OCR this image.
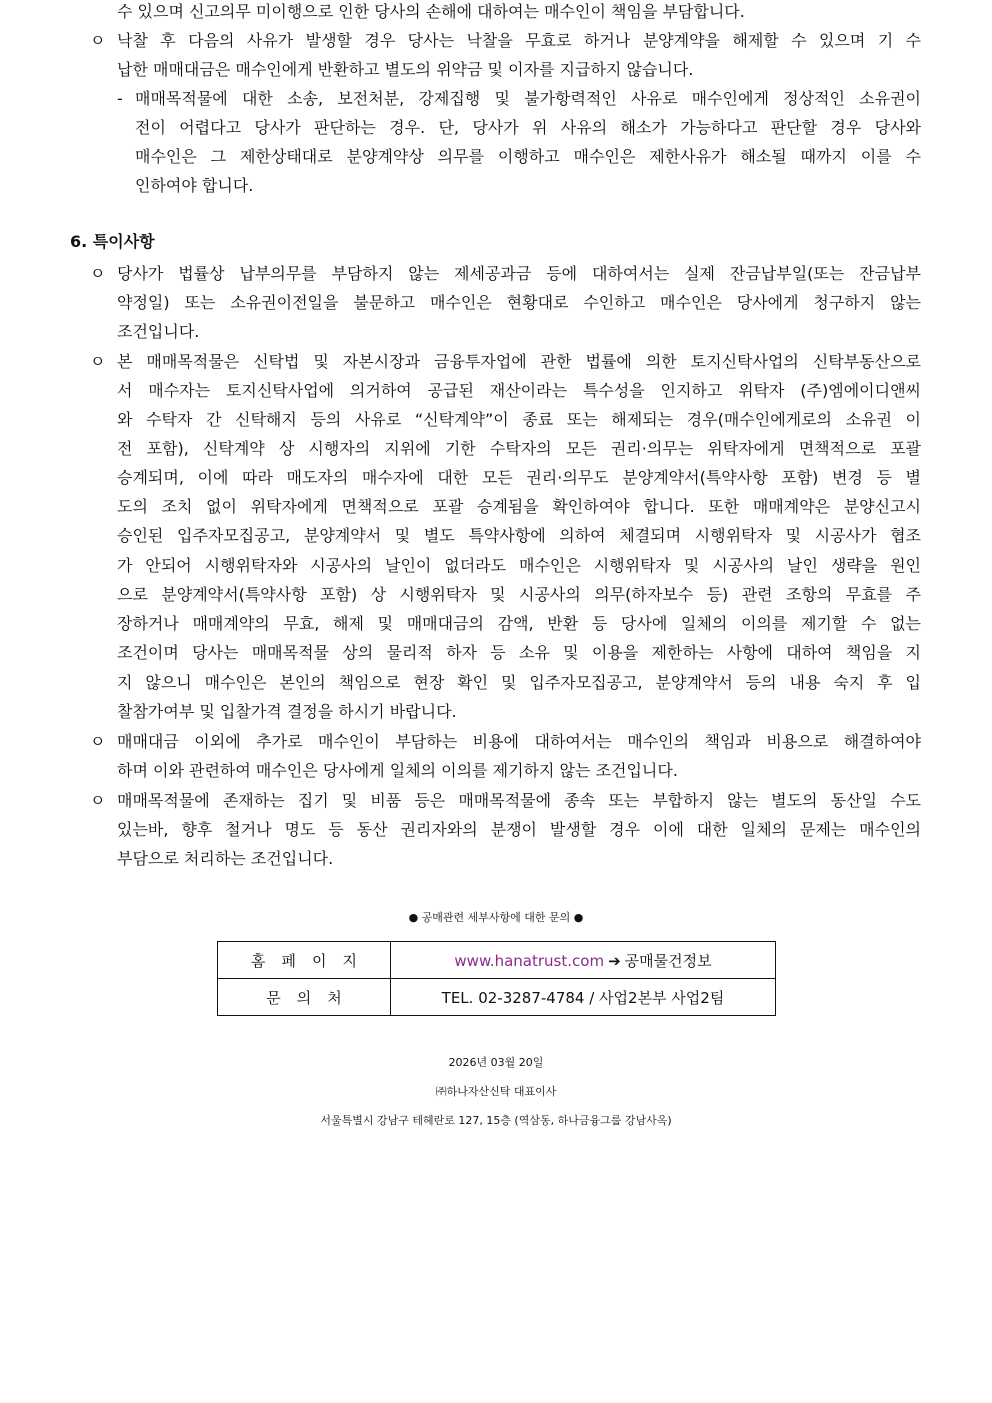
수 있으며 신고의무 미이행으로 인한 당사의 손해에 대하여는 매수인이 책임을 부담합니다.
ㅇ 낙찰 후 다음의 사유가 발생할 경우 당사는 낙찰을 무효로 하거나 분양계약을 해제할 수 있으며 기 수
납한 매매대금은 매수인에게 반환하고 별도의 위약금 및 이자를 지급하지 않습니다.
- 매매목적물에 대한 소송, 보전처분, 강제집행 및 불가항력적인 사유로 매수인에게 정상적인 소유권이
전이 어렵다고 당사가 판단하는 경우. 단, 당사가 위 사유의 해소가 가능하다고 판단할 경우 당사와
매수인은 그 제한상태대로 분양계약상 의무를 이행하고 매수인은 제한사유가 해소될 때까지 이를 수
인하여야 합니다.
6. 특이사항
ㅇ 당사가 법률상 납부의무를 부담하지 않는 제세공과금 등에 대하여서는 실제 잔금납부일(또는 잔금납부
약정일) 또는 소유권이전일을 불문하고 매수인은 현황대로 수인하고 매수인은 당사에게 청구하지 않는
조건입니다.
ㅇ 본 매매목적물은 신탁법 및 자본시장과 금융투자업에 관한 법률에 의한 토지신탁사업의 신탁부동산으로
서 매수자는 토지신탁사업에 의거하여 공급된 재산이라는 특수성을 인지하고 위탁자 (주)엠에이디앤씨
와 수탁자 간 신탁해지 등의 사유로 “신탁계약”이 종료 또는 해제되는 경우(매수인에게로의 소유권 이
전 포함), 신탁계약 상 시행자의 지위에 기한 수탁자의 모든 권리·의무는 위탁자에게 면책적으로 포괄
승계되며, 이에 따라 매도자의 매수자에 대한 모든 권리·의무도 분양계약서(특약사항 포함) 변경 등 별
도의 조치 없이 위탁자에게 면책적으로 포괄 승계됨을 확인하여야 합니다. 또한 매매계약은 분양신고시
승인된 입주자모집공고, 분양계약서 및 별도 특약사항에 의하여 체결되며 시행위탁자 및 시공사가 협조
가 안되어 시행위탁자와 시공사의 날인이 없더라도 매수인은 시행위탁자 및 시공사의 날인 생략을 원인
으로 분양계약서(특약사항 포함) 상 시행위탁자 및 시공사의 의무(하자보수 등) 관련 조항의 무효를 주
장하거나 매매계약의 무효, 해제 및 매매대금의 감액, 반환 등 당사에 일체의 이의를 제기할 수 없는
조건이며 당사는 매매목적물 상의 물리적 하자 등 소유 및 이용을 제한하는 사항에 대하여 책임을 지
지 않으니 매수인은 본인의 책임으로 현장 확인 및 입주자모집공고, 분양계약서 등의 내용 숙지 후 입
찰참가여부 및 입찰가격 결정을 하시기 바랍니다.
ㅇ 매매대금 이외에 추가로 매수인이 부담하는 비용에 대하여서는 매수인의 책임과 비용으로 해결하여야
하며 이와 관련하여 매수인은 당사에게 일체의 이의를 제기하지 않는 조건입니다.
ㅇ 매매목적물에 존재하는 집기 및 비품 등은 매매목적물에 종속 또는 부합하지 않는 별도의 동산일 수도
있는바, 향후 철거나 명도 등 동산 권리자와의 분쟁이 발생할 경우 이에 대한 일체의 문제는 매수인의
부담으로 처리하는 조건입니다.
● 공매관련 세부사항에 대한 문의 ●
홈페이지	www.hanatrust.com ➔ 공매물건정보
문의처	TEL. 02-3287-4784 / 사업2본부 사업2팀
2026년 03월 20일
㈜하나자산신탁 대표이사
서울특별시 강남구 테헤란로 127, 15층 (역삼동, 하나금융그룹 강남사옥)
